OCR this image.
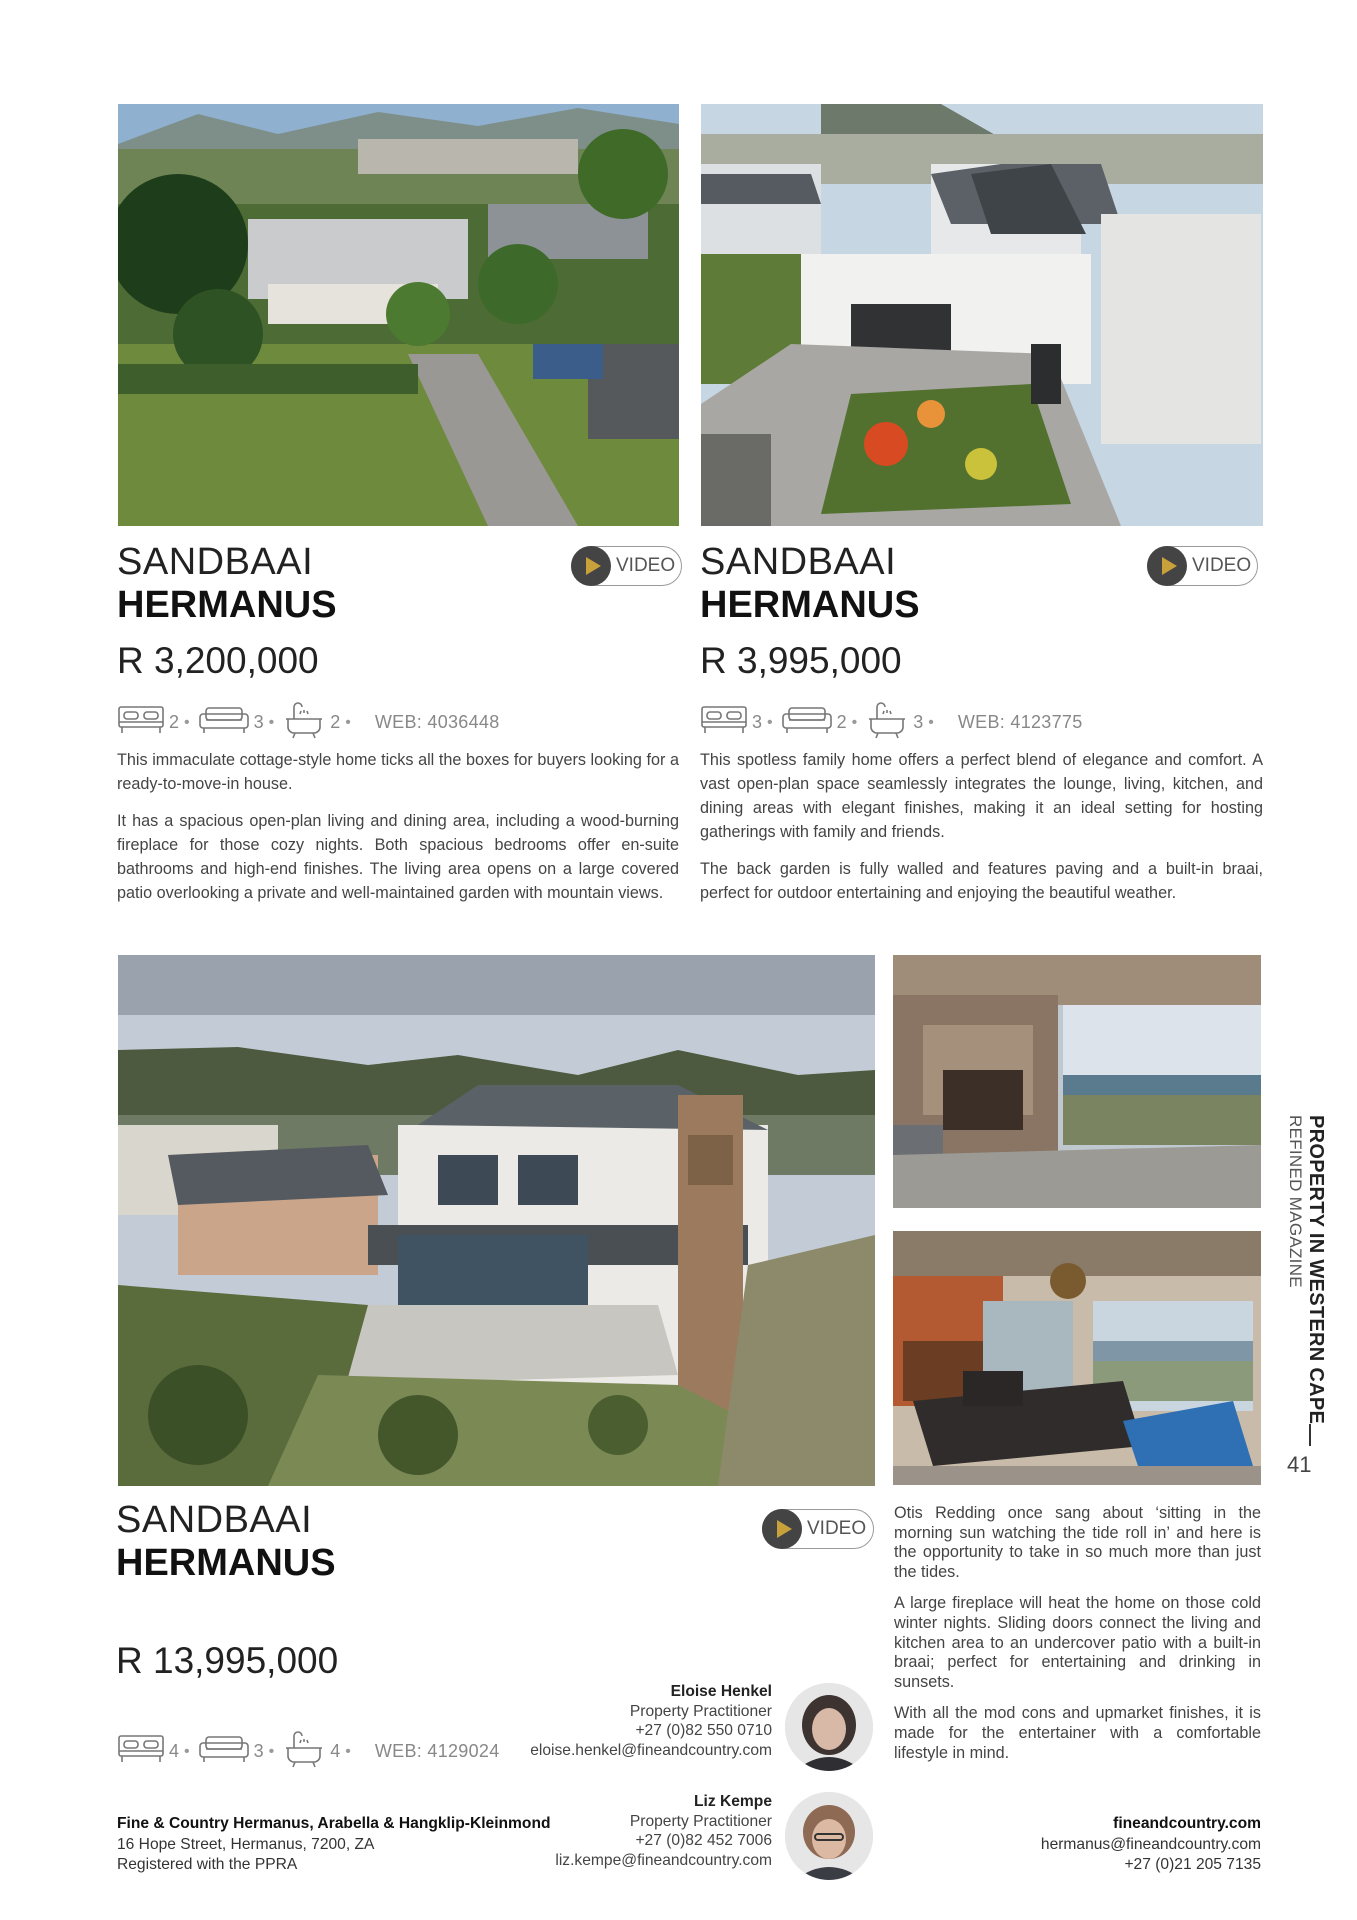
SANDBAAI
HERMANUS
VIDEO
R 3,200,000
2 •	3 •	2 • WEB: 4036448

This immaculate cottage-style home ticks all the boxes for buyers looking for a ready-to-move-in house.

It has a spacious open-plan living and dining area, including a wood-burning fireplace for those cozy nights. Both spacious bedrooms offer en-suite bathrooms and high-end finishes. The living area opens on a large covered patio overlooking a private and well-maintained garden with mountain views.

SANDBAAI
HERMANUS
VIDEO
R 3,995,000
3 •	2 •	3 • WEB: 4123775

This spotless family home offers a perfect blend of elegance and comfort. A vast open-plan space seamlessly integrates the lounge, living, kitchen, and dining areas with elegant finishes, making it an ideal setting for hosting gatherings with family and friends.

The back garden is fully walled and features paving and a built-in braai, perfect for outdoor entertaining and enjoying the beautiful weather.

SANDBAAI
HERMANUS
VIDEO
R 13,995,000
4 •	3 •	4 • WEB: 4129024

Otis Redding once sang about ‘sitting in the morning sun watching the tide roll in’ and here is the opportunity to take in so much more than just the tides.

A large fireplace will heat the home on those cold winter nights. Sliding doors connect the living and kitchen area to an undercover patio with a built-in braai; perfect for entertaining and drinking in sunsets.

With all the mod cons and upmarket finishes, it is made for the entertainer with a comfortable lifestyle in mind.

Eloise Henkel
Property Practitioner
+27 (0)82 550 0710
eloise.henkel@fineandcountry.com
Liz Kempe
Property Practitioner
+27 (0)82 452 7006
liz.kempe@fineandcountry.com
Fine & Country Hermanus, Arabella & Hangklip-Kleinmond
16 Hope Street, Hermanus, 7200, ZA
Registered with the PPRA
fineandcountry.com
hermanus@fineandcountry.com
+27 (0)21 205 7135
PROPERTY IN WESTERN CAPE
REFINED MAGAZINE
41
